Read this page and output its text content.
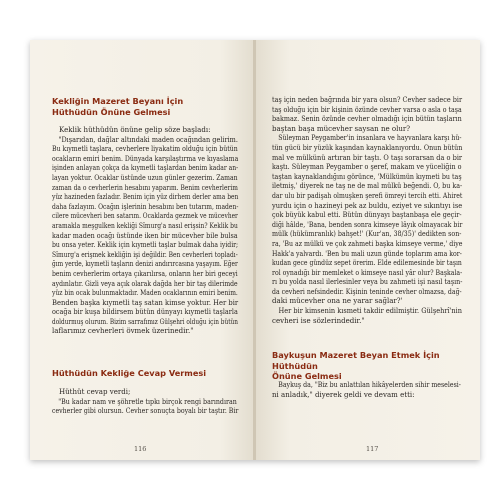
Kekliğin Mazeret Beyanı İçin
Hüthüdün Önüne Gelmesi

Keklik hüthüdün önüne gelip söze başladı:

"Dışarıdan, dağlar altındaki maden ocağından gelirim.

Bu kıymetli taşlara, cevherlere liyakatim olduğu için bütün

ocakların emiri benim. Dünyada karşılaştırma ve kıyaslama

işinden anlayan çokça da kıymetli taşlardan benim kadar an-

layan yoktur. Ocaklar üstünde uzun günler gezerim. Zaman

zaman da o cevherlerin hesabını yaparım. Benim cevherlerim

yüz hazineden fazladır. Benim için yüz dirhem derler ama ben

daha fazlayım. Ocağın işlerinin hesabını ben tutarım, maden-

cilere mücevheri ben satarım. Ocaklarda gezmek ve mücevher

aramakla meşgulken kekliği Sîmurg'a nasıl erişsin? Keklik bu

kadar maden ocağı üstünde iken bir mücevher bile bulsa

bu onsa yeter. Keklik için kıymetli taşlar bulmak daha iyidir;

Sîmurg'a erişmek kekliğin işi değildir. Ben cevherleri topladı-

ğım yerde, kıymetli taşların denizi andırırcasına yaşayım. Eğer

benim cevherlerim ortaya çıkarılırsa, onların her biri geceyi

aydınlatır. Gizli veya açık olarak dağda her bir taş dilerimde

yüz bin ocak bulunmaktadır. Maden ocaklarının emiri benim.

Benden başka kıymetli taş satan kimse yoktur. Her bir

ocağa bir kuşa bildirsem bütün dünyayı kıymetli taşlarla

doldurmuş olurum. Bizim sarrafımız Gülşehri olduğu için bütün

laflarımız cevherleri övmek üzerinedir."

Hüthüdün Kekliğe Cevap Vermesi

Hüthüt cevap verdi;

"Bu kadar nam ve şöhretle tıpkı birçok rengi barındıran

cevherler gibi olursun. Cevher sonuçta boyalı bir taştır. Bir

116

taş için neden bağrında bir yara olsun? Cevher sadece bir

taş olduğu için bir kişinin özünde cevher varsa o asla o taşa

bakmaz. Senin özünde cevher olmadığı için bütün taşların

baştan başa mücevher saysan ne olur?

Süleyman Peygamber'in insanlara ve hayvanlara karşı hü-

tün gücü bir yüzük kaşından kaynaklanıyordu. Onun bütün

mal ve mülkünü artıran bir taştı. O taşı sorarsan da o bir

kaştı. Süleyman Peygamber o şeref, makam ve yüceliğin o

taştan kaynaklandığını görünce, 'Mülkümün kıymeti bu taş

iletmiş,' diyerek ne taş ne de mal mülkü beğendi. O, bu ka-

dar ulu bir padişah olmuşken şerefi ömreyi tercih etti. Ahiret

yurdu için o hazineyi pek az buldu, eziyet ve sıkıntıyı ise

çok büyük kabul etti. Bütün dünyayı baştanbaşa ele geçir-

diği hâlde, 'Bana, benden sonra kimseye lâyık olmayacak bir

mülk (hükümranlık) bahşet!' (Kur'an, 38/35)' dedikten son-

ra, 'Bu az mülkü ve çok zahmeti başka kimseye verme,' diye

Hakk'a yalvardı. 'Ben bu mali uzun günde toplarım ama kor-

kudan gece gündüz sepet örerim. Elde edilemesinde bir taşın

rol oynadığı bir memleket o kimseye nasıl yâr olur? Başkala-

rı bu yolda nasıl ilerlesinler veya bu zahmeti işi nasıl taşın-

da cevheri nefsindedir. Kişinin teninde cevher olmazsa, dağ-

daki mücevher ona ne yarar sağlar?'

Her bir kimsenin kısmeti takdir edilmiştir. Gülşehrî'nin

cevheri ise sözlerindedir."

Baykuşun Mazeret Beyan Etmek İçin Hüthüdün
Önüne Gelmesi

Baykuş da, "Biz bu anlattılan hikâyelerden sihir meselesi-

ni anladık," diyerek geldi ve devam etti:

117
